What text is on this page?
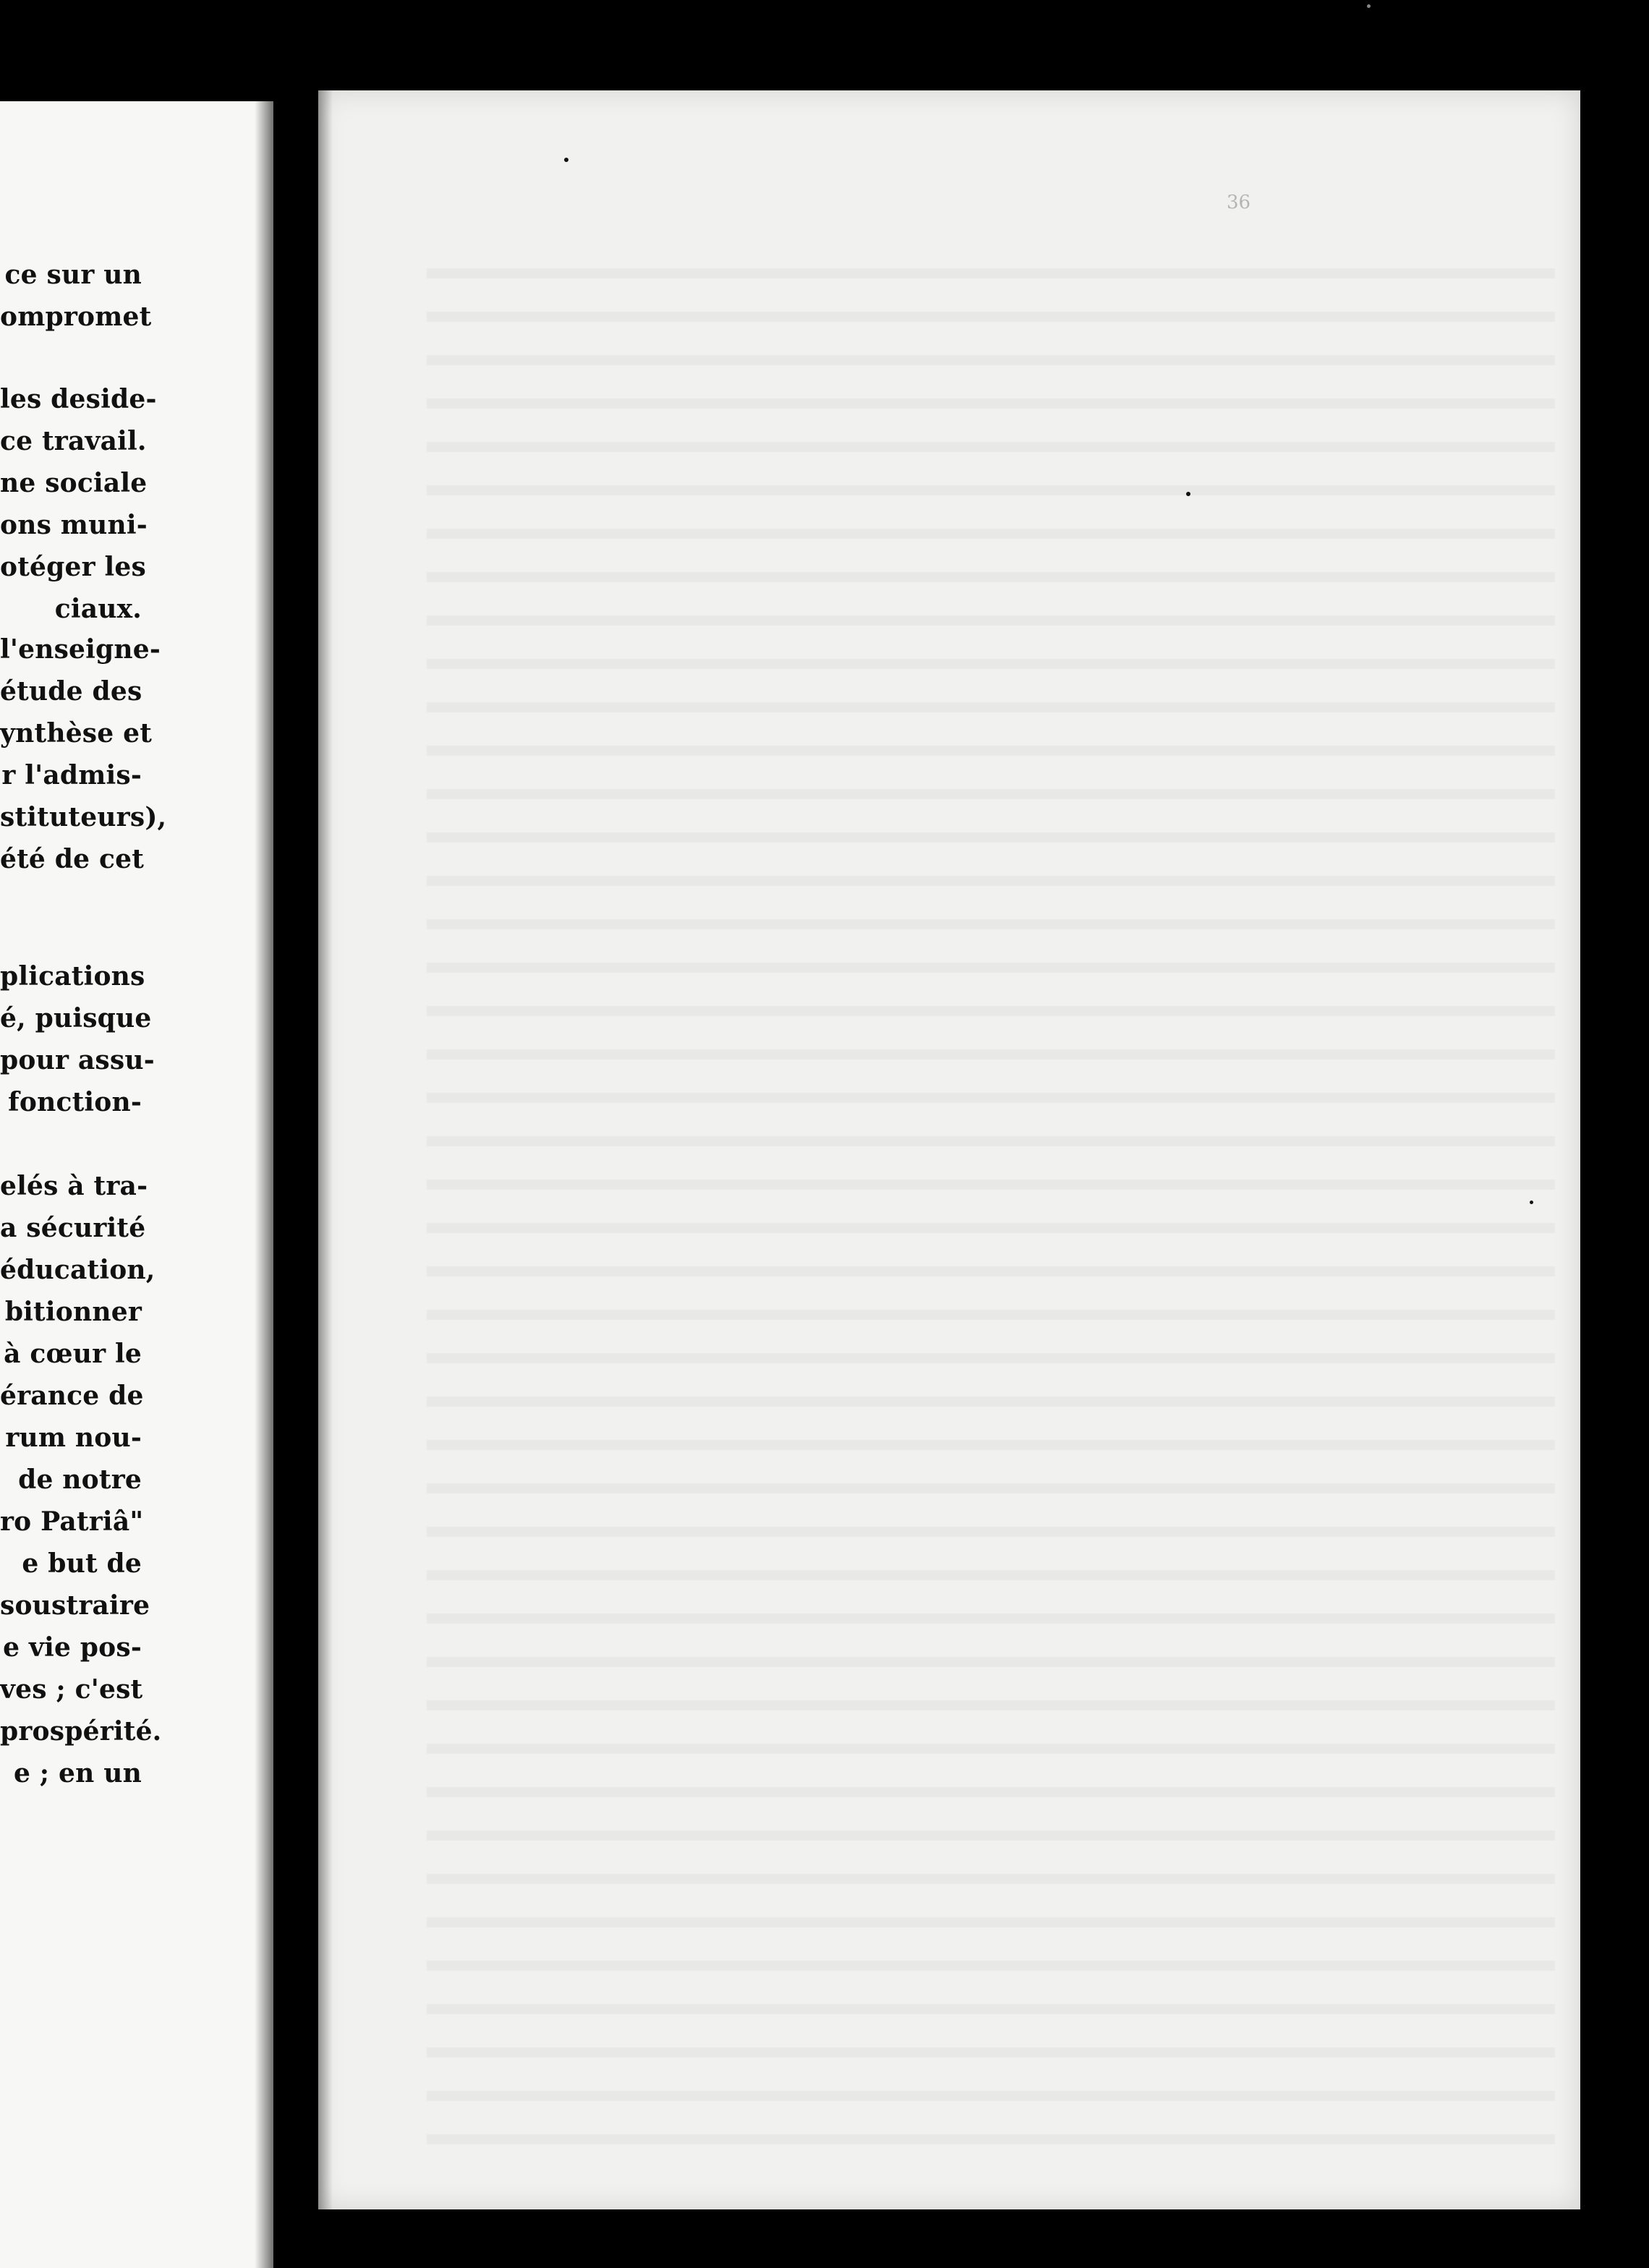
ce sur un
ompromet
les deside-
ce travail.
ne sociale
ons muni-
otéger les
ciaux.
l'enseigne-
étude des
ynthèse et
r l'admis-
stituteurs),
été de cet
plications
é, puisque
pour assu-
fonction-
elés à tra-
a sécurité
éducation,
bitionner
à cœur le
érance de
rum nou-
de notre
ro Patriâ"
e but de
soustraire
e vie pos-
ves ; c'est
prospérité.
e ; en un
36
